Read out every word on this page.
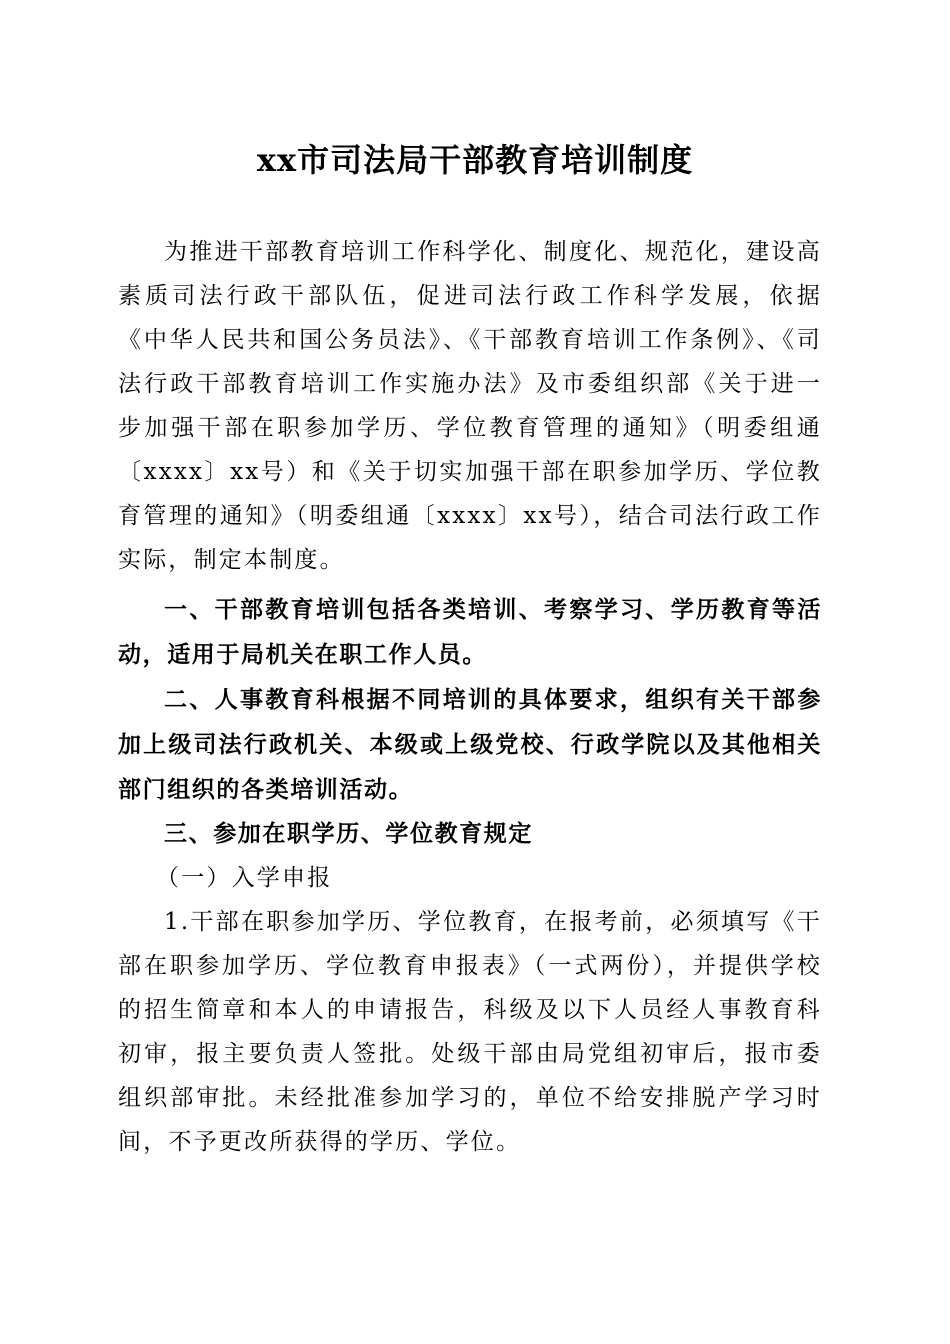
xx市司法局干部教育培训制度

为推进干部教育培训工作科学化、制度化、规范化，建设高素质司法行政干部队伍，促进司法行政工作科学发展，依据《中华人民共和国公务员法》、《干部教育培训工作条例》、《司法行政干部教育培训工作实施办法》及市委组织部《关于进一步加强干部在职参加学历、学位教育管理的通知》（明委组通〔xxxx〕xx号）和《关于切实加强干部在职参加学历、学位教育管理的通知》（明委组通〔xxxx〕xx号），结合司法行政工作实际，制定本制度。

一、干部教育培训包括各类培训、考察学习、学历教育等活动，适用于局机关在职工作人员。

二、人事教育科根据不同培训的具体要求，组织有关干部参加上级司法行政机关、本级或上级党校、行政学院以及其他相关部门组织的各类培训活动。

三、参加在职学历、学位教育规定

（一）入学申报

1.干部在职参加学历、学位教育，在报考前，必须填写《干部在职参加学历、学位教育申报表》（一式两份），并提供学校的招生简章和本人的申请报告，科级及以下人员经人事教育科初审，报主要负责人签批。处级干部由局党组初审后，报市委组织部审批。未经批准参加学习的，单位不给安排脱产学习时间，不予更改所获得的学历、学位。
